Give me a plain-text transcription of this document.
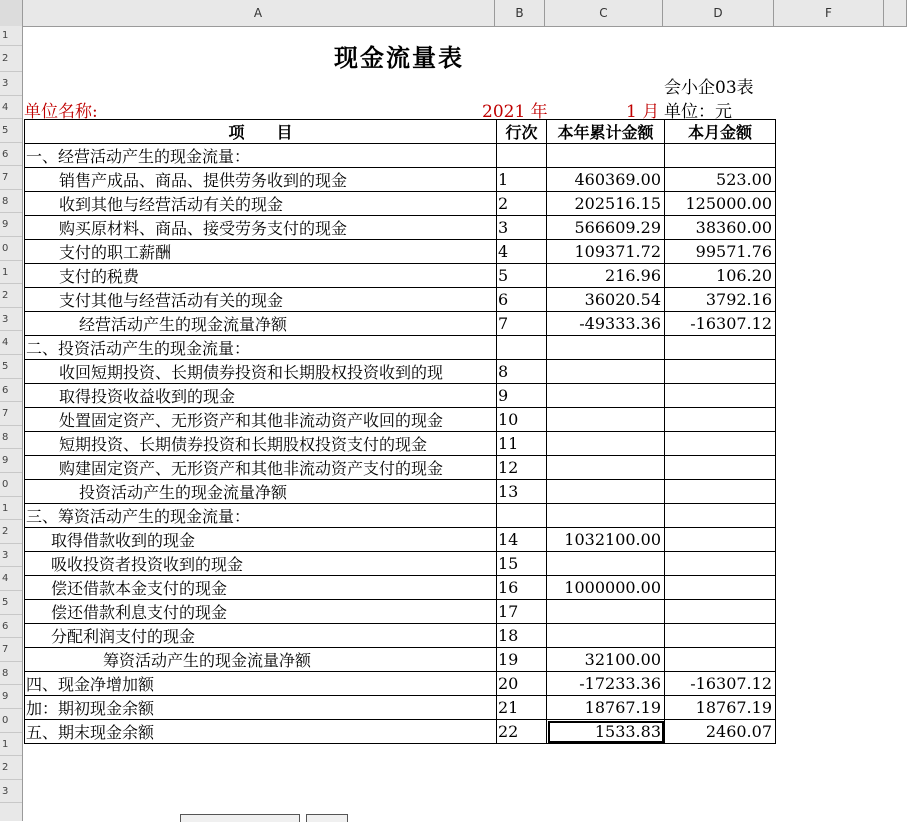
A	B	C	D	F
1
2
3
4
5
6
7
8
9
0
1
2
3
4
5
6
7
8
9
0
1
2
3
4
5
6
7
8
9
0
1
2
3
现金流量表
会小企03表
单位名称:	2021 年	1 月 单位：元
项　　目	行次	本年累计金额	本月金额
一、经营活动产生的现金流量：			
销售产成品、商品、提供劳务收到的现金	1	460369.00	523.00
收到其他与经营活动有关的现金	2	202516.15	125000.00
购买原材料、商品、接受劳务支付的现金	3	566609.29	38360.00
支付的职工薪酬	4	109371.72	99571.76
支付的税费	5	216.96	106.20
支付其他与经营活动有关的现金	6	36020.54	3792.16
经营活动产生的现金流量净额	7	-49333.36	-16307.12
二、投资活动产生的现金流量：			
收回短期投资、长期债券投资和长期股权投资收到的现	8		
取得投资收益收到的现金	9		
处置固定资产、无形资产和其他非流动资产收回的现金	10		
短期投资、长期债券投资和长期股权投资支付的现金	11		
购建固定资产、无形资产和其他非流动资产支付的现金	12		
投资活动产生的现金流量净额	13		
三、筹资活动产生的现金流量：			
取得借款收到的现金	14	1032100.00	
吸收投资者投资收到的现金	15		
偿还借款本金支付的现金	16	1000000.00	
偿还借款利息支付的现金	17		
分配利润支付的现金	18		
筹资活动产生的现金流量净额	19	32100.00	
四、现金净增加额	20	-17233.36	-16307.12
加：期初现金余额	21	18767.19	18767.19
五、期末现金余额	22	1533.83	2460.07
